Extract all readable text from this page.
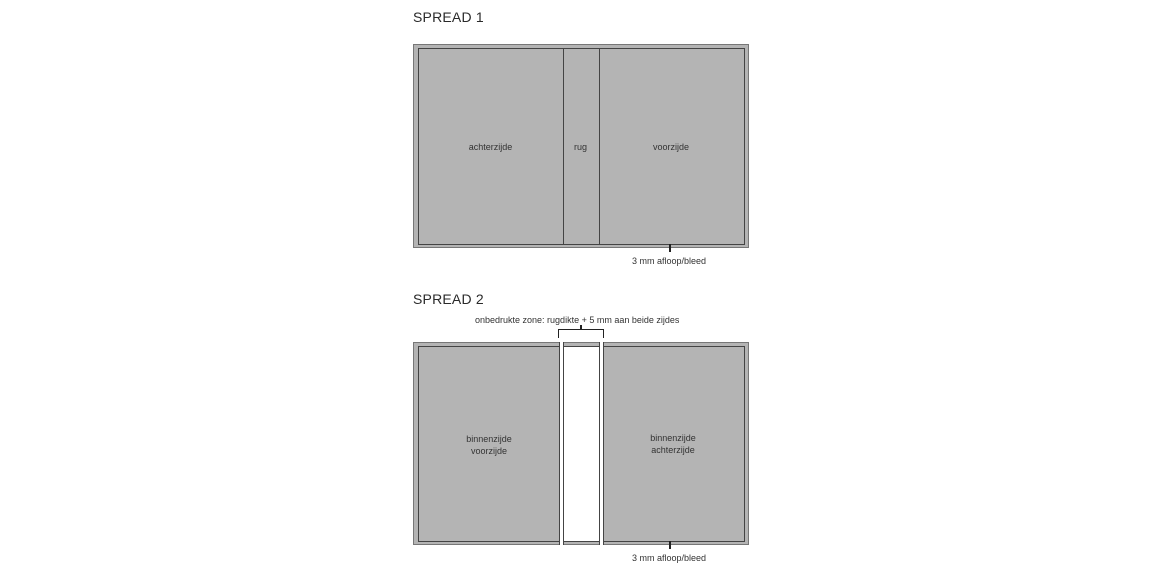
SPREAD 1
achterzijde	rug	voorzijde
3 mm afloop/bleed
SPREAD 2
onbedrukte zone: rugdikte + 5 mm aan beide zijdes
binnenzijde
voorzijde
binnenzijde
achterzijde
3 mm afloop/bleed
